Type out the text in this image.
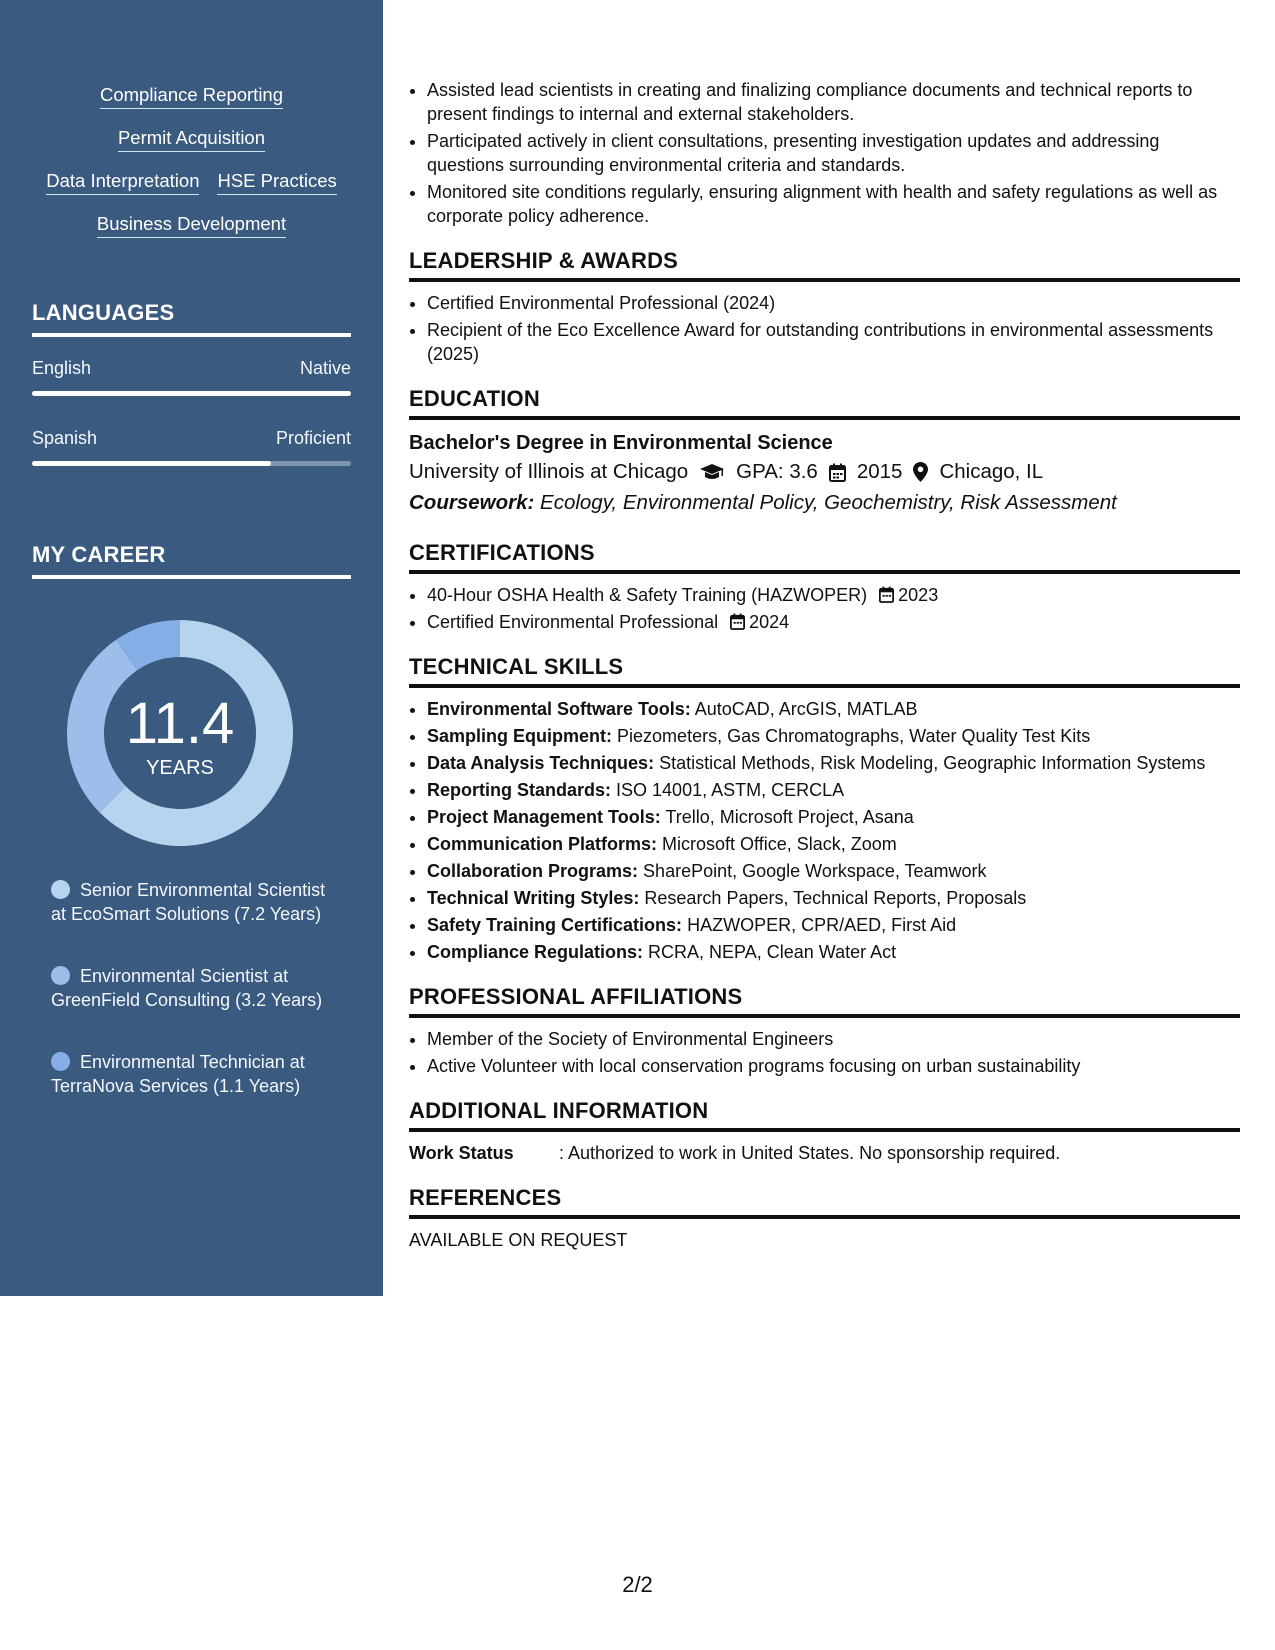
Compliance Reporting
Permit Acquisition
Data Interpretation HSE Practices
Business Development
LANGUAGES
English	Native
Spanish	Proficient
MY CAREER
11.4
YEARS
Senior Environmental Scientist at EcoSmart Solutions (7.2 Years)
Environmental Scientist at GreenField Consulting (3.2 Years)
Environmental Technician at TerraNova Services (1.1 Years)
• Assisted lead scientists in creating and finalizing compliance documents and technical reports to present findings to internal and external stakeholders.
• Participated actively in client consultations, presenting investigation updates and addressing questions surrounding environmental criteria and standards.
• Monitored site conditions regularly, ensuring alignment with health and safety regulations as well as corporate policy adherence.
LEADERSHIP & AWARDS
• Certified Environmental Professional (2024)
• Recipient of the Eco Excellence Award for outstanding contributions in environmental assessments (2025)
EDUCATION
Bachelor's Degree in Environmental Science
University of Illinois at Chicago GPA: 3.6 2015 Chicago, IL
Coursework: Ecology, Environmental Policy, Geochemistry, Risk Assessment
CERTIFICATIONS
• 40-Hour OSHA Health & Safety Training (HAZWOPER) 2023
• Certified Environmental Professional 2024
TECHNICAL SKILLS
• Environmental Software Tools: AutoCAD, ArcGIS, MATLAB
• Sampling Equipment: Piezometers, Gas Chromatographs, Water Quality Test Kits
• Data Analysis Techniques: Statistical Methods, Risk Modeling, Geographic Information Systems
• Reporting Standards: ISO 14001, ASTM, CERCLA
• Project Management Tools: Trello, Microsoft Project, Asana
• Communication Platforms: Microsoft Office, Slack, Zoom
• Collaboration Programs: SharePoint, Google Workspace, Teamwork
• Technical Writing Styles: Research Papers, Technical Reports, Proposals
• Safety Training Certifications: HAZWOPER, CPR/AED, First Aid
• Compliance Regulations: RCRA, NEPA, Clean Water Act
PROFESSIONAL AFFILIATIONS
• Member of the Society of Environmental Engineers
• Active Volunteer with local conservation programs focusing on urban sustainability
ADDITIONAL INFORMATION
Work Status	: Authorized to work in United States. No sponsorship required.
REFERENCES
AVAILABLE ON REQUEST
2/2
